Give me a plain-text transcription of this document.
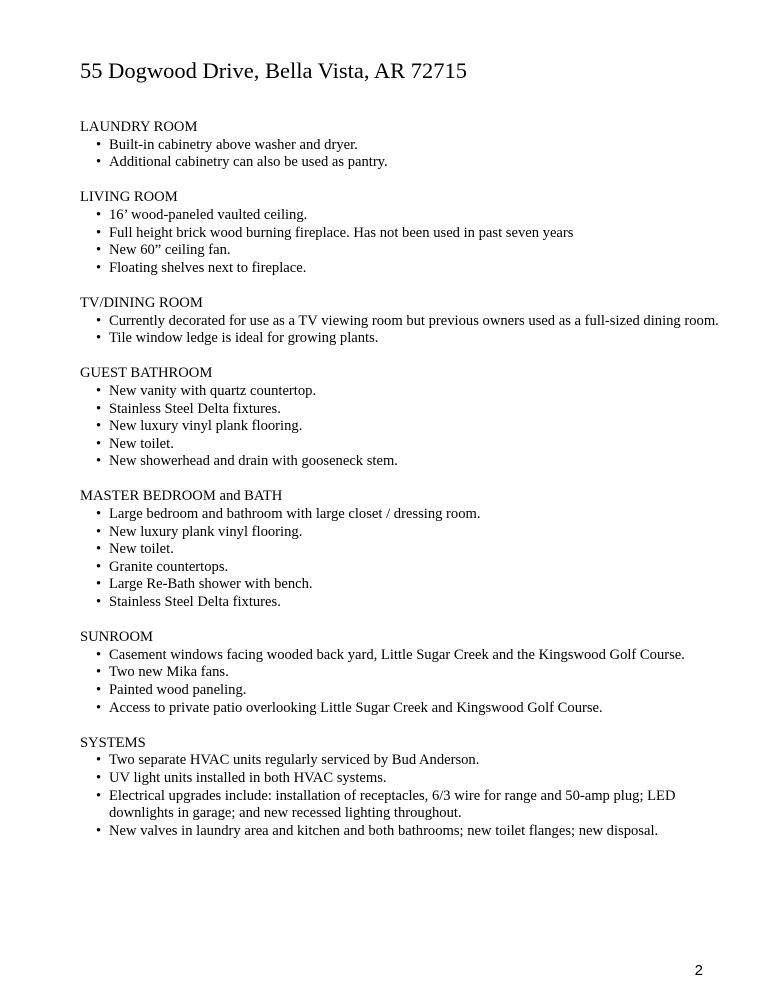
55 Dogwood Drive, Bella Vista, AR 72715
LAUNDRY ROOM
• Built-in cabinetry above washer and dryer.
• Additional cabinetry can also be used as pantry.
LIVING ROOM
• 16’ wood-paneled vaulted ceiling.
• Full height brick wood burning fireplace. Has not been used in past seven years
• New 60” ceiling fan.
• Floating shelves next to fireplace.
TV/DINING ROOM
• Currently decorated for use as a TV viewing room but previous owners used as a full-sized dining room.
• Tile window ledge is ideal for growing plants.
GUEST BATHROOM
• New vanity with quartz countertop.
• Stainless Steel Delta fixtures.
• New luxury vinyl plank flooring.
• New toilet.
• New showerhead and drain with gooseneck stem.
MASTER BEDROOM and BATH
• Large bedroom and bathroom with large closet / dressing room.
• New luxury plank vinyl flooring.
• New toilet.
• Granite countertops.
• Large Re-Bath shower with bench.
• Stainless Steel Delta fixtures.
SUNROOM
• Casement windows facing wooded back yard, Little Sugar Creek and the Kingswood Golf Course.
• Two new Mika fans.
• Painted wood paneling.
• Access to private patio overlooking Little Sugar Creek and Kingswood Golf Course.
SYSTEMS
• Two separate HVAC units regularly serviced by Bud Anderson.
• UV light units installed in both HVAC systems.
• Electrical upgrades include: installation of receptacles, 6/3 wire for range and 50-amp plug; LED downlights in garage; and new recessed lighting throughout.
• New valves in laundry area and kitchen and both bathrooms; new toilet flanges; new disposal.
2
